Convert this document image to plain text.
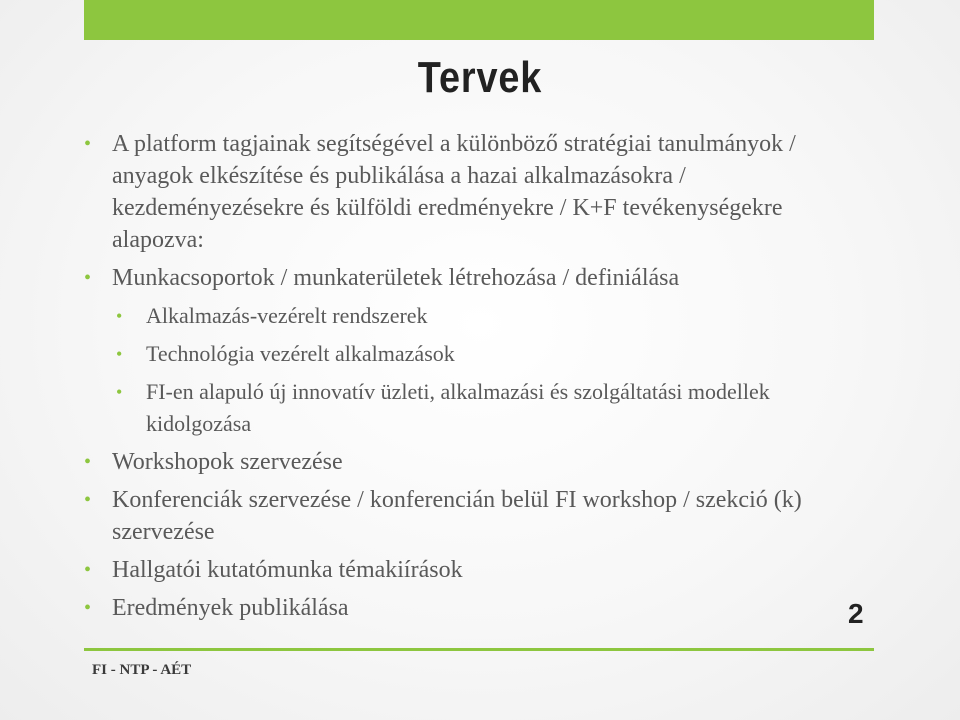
Tervek
• A platform tagjainak segítségével a különböző stratégiai tanulmányok / anyagok elkészítése és publikálása a hazai alkalmazásokra / kezdeményezésekre és külföldi eredményekre / K+F tevékenységekre alapozva:
• Munkacsoportok / munkaterületek létrehozása / definiálása
• Alkalmazás-vezérelt rendszerek
• Technológia vezérelt alkalmazások
• FI-en alapuló új innovatív üzleti, alkalmazási és szolgáltatási modellek kidolgozása
• Workshopok szervezése
• Konferenciák szervezése / konferencián belül FI workshop / szekció (k) szervezése
• Hallgatói kutatómunka témakiírások
• Eredmények publikálása	2
FI - NTP - AÉT
